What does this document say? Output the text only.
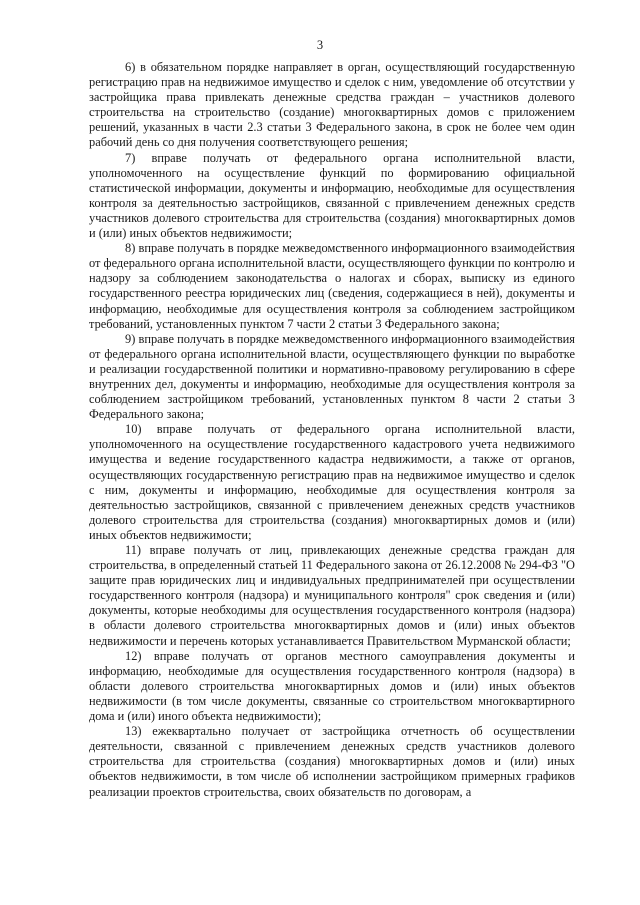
3

6) в обязательном порядке направляет в орган, осуществляющий государственную регистрацию прав на недвижимое имущество и сделок с ним, уведомление об отсутствии у застройщика права привлекать денежные средства граждан – участников долевого строительства на строительство (создание) многоквартирных домов с приложением решений, указанных в части 2.3 статьи 3 Федерального закона, в срок не более чем один рабочий день со дня получения соответствующего решения;

7) вправе получать от федерального органа исполнительной власти, уполномоченного на осуществление функций по формированию официальной статистической информации, документы и информацию, необходимые для осуществления контроля за деятельностью застройщиков, связанной с привлечением денежных средств участников долевого строительства для строительства (создания) многоквартирных домов и (или) иных объектов недвижимости;

8) вправе получать в порядке межведомственного информационного взаимодействия от федерального органа исполнительной власти, осуществляющего функции по контролю и надзору за соблюдением законодательства о налогах и сборах, выписку из единого государственного реестра юридических лиц (сведения, содержащиеся в ней), документы и информацию, необходимые для осуществления контроля за соблюдением застройщиком требований, установленных пунктом 7 части 2 статьи 3 Федерального закона;

9) вправе получать в порядке межведомственного информационного взаимодействия от федерального органа исполнительной власти, осуществляющего функции по выработке и реализации государственной политики и нормативно-правовому регулированию в сфере внутренних дел, документы и информацию, необходимые для осуществления контроля за соблюдением застройщиком требований, установленных пунктом 8 части 2 статьи 3 Федерального закона;

10) вправе получать от федерального органа исполнительной власти, уполномоченного на осуществление государственного кадастрового учета недвижимого имущества и ведение государственного кадастра недвижимости, а также от органов, осуществляющих государственную регистрацию прав на недвижимое имущество и сделок с ним, документы и информацию, необходимые для осуществления контроля за деятельностью застройщиков, связанной с привлечением денежных средств участников долевого строительства для строительства (создания) многоквартирных домов и (или) иных объектов недвижимости;

11) вправе получать от лиц, привлекающих денежные средства граждан для строительства, в определенный статьей 11 Федерального закона от 26.12.2008 № 294-ФЗ "О защите прав юридических лиц и индивидуальных предпринимателей при осуществлении государственного контроля (надзора) и муниципального контроля" срок сведения и (или) документы, которые необходимы для осуществления государственного контроля (надзора) в области долевого строительства многоквартирных домов и (или) иных объектов недвижимости и перечень которых устанавливается Правительством Мурманской области;

12) вправе получать от органов местного самоуправления документы и информацию, необходимые для осуществления государственного контроля (надзора) в области долевого строительства многоквартирных домов и (или) иных объектов недвижимости (в том числе документы, связанные со строительством многоквартирного дома и (или) иного объекта недвижимости);

13) ежеквартально получает от застройщика отчетность об осуществлении деятельности, связанной с привлечением денежных средств участников долевого строительства для строительства (создания) многоквартирных домов и (или) иных объектов недвижимости, в том числе об исполнении застройщиком примерных графиков реализации проектов строительства, своих обязательств по договорам, а
